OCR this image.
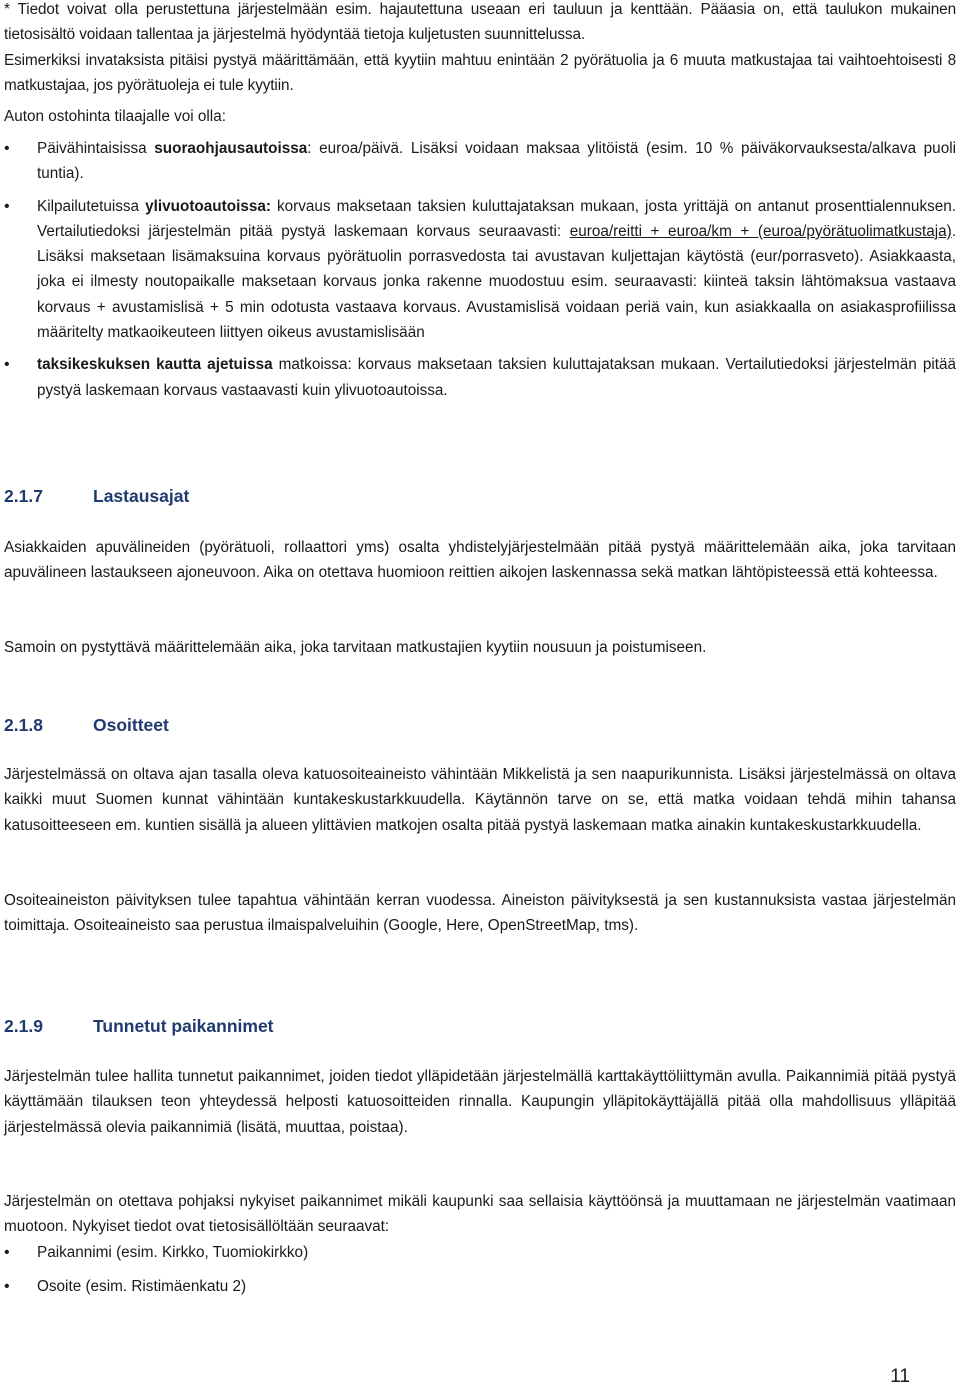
* Tiedot voivat olla perustettuna järjestelmään esim. hajautettuna useaan eri tauluun ja kenttään. Pääasia on, että taulukon mukainen tietosisältö voidaan tallentaa ja järjestelmä hyödyntää tietoja kuljetusten suunnittelussa.

Esimerkiksi invataksista pitäisi pystyä määrittämään, että kyytiin mahtuu enintään 2 pyörätuolia ja 6 muuta matkustajaa tai vaihtoehtoisesti 8 matkustajaa, jos pyörätuoleja ei tule kyytiin.

Auton ostohinta tilaajalle voi olla:

• Päivähintaisissa suoraohjausautoissa: euroa/päivä. Lisäksi voidaan maksaa ylitöistä (esim. 10 % päiväkorvauksesta/alkava puoli tuntia).
• Kilpailutetuissa ylivuotoautoissa: korvaus maksetaan taksien kuluttajataksan mukaan, josta yrittäjä on antanut prosenttialennuksen. Vertailutiedoksi järjestelmän pitää pystyä laskemaan korvaus seuraavasti: euroa/reitti + euroa/km + (euroa/pyörätuolimatkustaja). Lisäksi maksetaan lisämaksuina korvaus pyörätuolin porrasvedosta tai avustavan kuljettajan käytöstä (eur/porrasveto). Asiakkaasta, joka ei ilmesty noutopaikalle maksetaan korvaus jonka rakenne muodostuu esim. seuraavasti: kiinteä taksin lähtömaksua vastaava korvaus + avustamislisä + 5 min odotusta vastaava korvaus. Avustamislisä voidaan periä vain, kun asiakkaalla on asiakasprofiilissa määritelty matkaoikeuteen liittyen oikeus avustamislisään
• taksikeskuksen kautta ajetuissa matkoissa: korvaus maksetaan taksien kuluttajataksan mukaan. Vertailutiedoksi järjestelmän pitää pystyä laskemaan korvaus vastaavasti kuin ylivuotoautoissa.
2.1.7	Lastausajat

Asiakkaiden apuvälineiden (pyörätuoli, rollaattori yms) osalta yhdistelyjärjestelmään pitää pystyä määrittelemään aika, joka tarvitaan apuvälineen lastaukseen ajoneuvoon. Aika on otettava huomioon reittien aikojen laskennassa sekä matkan lähtöpisteessä että kohteessa.

Samoin on pystyttävä määrittelemään aika, joka tarvitaan matkustajien kyytiin nousuun ja poistumiseen.

2.1.8	Osoitteet

Järjestelmässä on oltava ajan tasalla oleva katuosoiteaineisto vähintään Mikkelistä ja sen naapurikunnista. Lisäksi järjestelmässä on oltava kaikki muut Suomen kunnat vähintään kuntakeskustarkkuudella. Käytännön tarve on se, että matka voidaan tehdä mihin tahansa katusoitteeseen em. kuntien sisällä ja alueen ylittävien matkojen osalta pitää pystyä laskemaan matka ainakin kuntakeskustarkkuudella.

Osoiteaineiston päivityksen tulee tapahtua vähintään kerran vuodessa. Aineiston päivityksestä ja sen kustannuksista vastaa järjestelmän toimittaja. Osoiteaineisto saa perustua ilmaispalveluihin (Google, Here, OpenStreetMap, tms).

2.1.9	Tunnetut paikannimet

Järjestelmän tulee hallita tunnetut paikannimet, joiden tiedot ylläpidetään järjestelmällä karttakäyttöliittymän avulla. Paikannimiä pitää pystyä käyttämään tilauksen teon yhteydessä helposti katuosoitteiden rinnalla. Kaupungin ylläpitokäyttäjällä pitää olla mahdollisuus ylläpitää järjestelmässä olevia paikannimiä (lisätä, muuttaa, poistaa).

Järjestelmän on otettava pohjaksi nykyiset paikannimet mikäli kaupunki saa sellaisia käyttöönsä ja muuttamaan ne järjestelmän vaatimaan muotoon. Nykyiset tiedot ovat tietosisällöltään seuraavat:

• Paikannimi (esim. Kirkko, Tuomiokirkko)
• Osoite (esim. Ristimäenkatu 2)
11
